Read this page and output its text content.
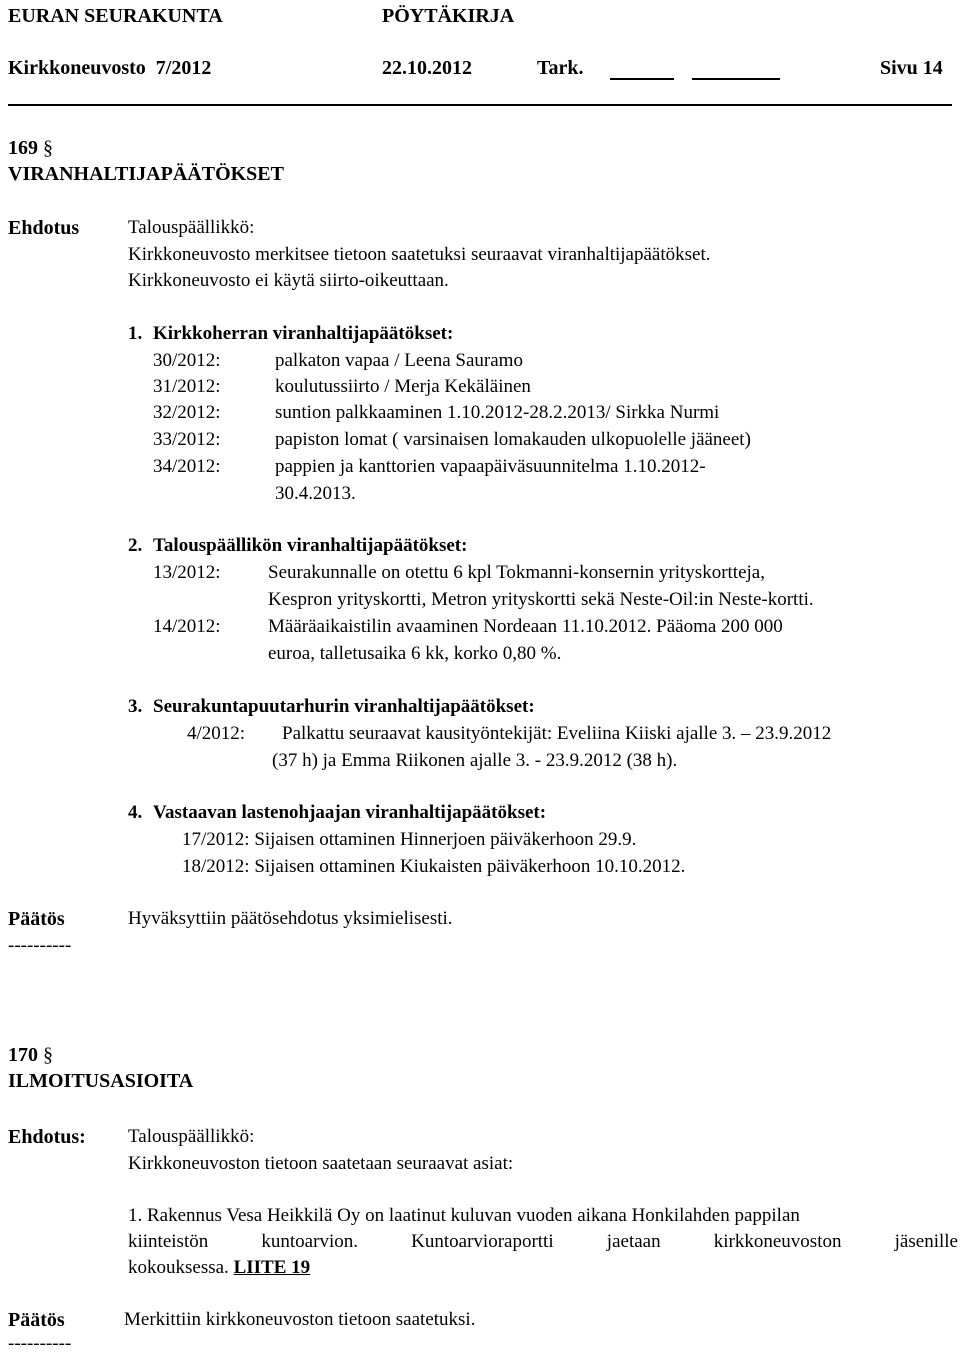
EURAN SEURAKUNTA	PÖYTÄKIRJA
Kirkkoneuvosto  7/2012	22.10.2012	Tark.	Sivu 14
169 §
VIRANHALTIJAPÄÄTÖKSET
Ehdotus	Talouspäällikkö:
Kirkkoneuvosto merkitsee tietoon saatetuksi seuraavat viranhaltijapäätökset.
Kirkkoneuvosto ei käytä siirto-oikeuttaan.
1. Kirkkoherran viranhaltijapäätökset:
30/2012:	palkaton vapaa / Leena Sauramo
31/2012:	koulutussiirto / Merja Kekäläinen
32/2012:	suntion palkkaaminen 1.10.2012-28.2.2013/ Sirkka Nurmi
33/2012:	papiston lomat ( varsinaisen lomakauden ulkopuolelle jääneet)
34/2012:	pappien ja kanttorien vapaapäiväsuunnitelma 1.10.2012-
30.4.2013.
2. Talouspäällikön viranhaltijapäätökset:
13/2012: Seurakunnalle on otettu 6 kpl Tokmanni-konsernin yrityskortteja,
Kespron yrityskortti, Metron yrityskortti sekä Neste-Oil:in Neste-kortti.
14/2012: Määräaikaistilin avaaminen Nordeaan 11.10.2012. Pääoma 200 000
euroa, talletusaika 6 kk, korko 0,80 %.
3. Seurakuntapuutarhurin viranhaltijapäätökset:
4/2012: Palkattu seuraavat kausityöntekijät: Eveliina Kiiski ajalle 3. – 23.9.2012
(37 h) ja Emma Riikonen ajalle 3. - 23.9.2012 (38 h).
4. Vastaavan lastenohjaajan viranhaltijapäätökset:
17/2012: Sijaisen ottaminen Hinnerjoen päiväkerhoon 29.9.
18/2012: Sijaisen ottaminen Kiukaisten päiväkerhoon 10.10.2012.
Päätös	Hyväksyttiin päätösehdotus yksimielisesti.
----------
170 §
ILMOITUSASIOITA
Ehdotus: Talouspäällikkö:
Kirkkoneuvoston tietoon saatetaan seuraavat asiat:
1. Rakennus Vesa Heikkilä Oy on laatinut kuluvan vuoden aikana Honkilahden pappilan
kiinteistön	kuntoarvion.	Kuntoarvioraportti	jaetaan	kirkkoneuvoston	jäsenille
kokouksessa. LIITE 19
Päätös	Merkittiin kirkkoneuvoston tietoon saatetuksi.
----------
